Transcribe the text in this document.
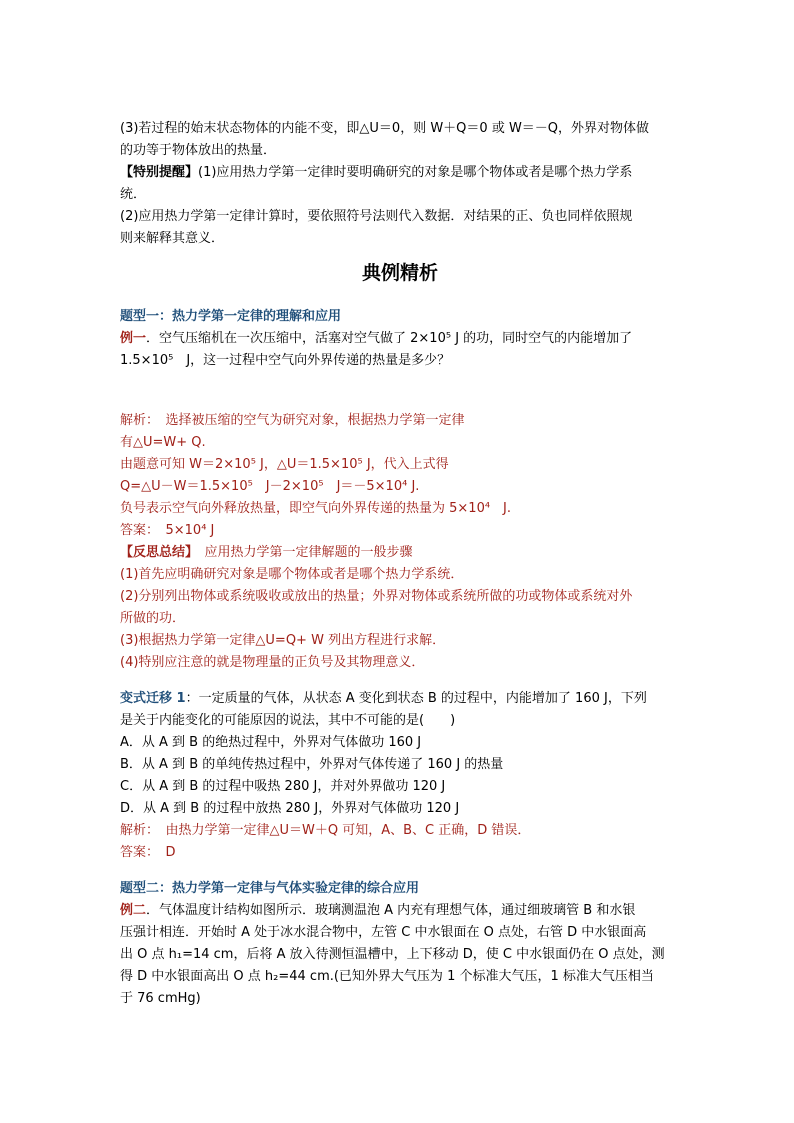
(3)若过程的始末状态物体的内能不变，即△U＝0，则 W＋Q＝0 或 W＝－Q，外界对物体做
的功等于物体放出的热量．
【特别提醒】(1)应用热力学第一定律时要明确研究的对象是哪个物体或者是哪个热力学系
统．
(2)应用热力学第一定律计算时，要依照符号法则代入数据．对结果的正、负也同样依照规
则来解释其意义．
典例精析
题型一：热力学第一定律的理解和应用
例一．空气压缩机在一次压缩中，活塞对空气做了 2×10⁵ J 的功，同时空气的内能增加了
1.5×10⁵　J，这一过程中空气向外界传递的热量是多少？
解析：　选择被压缩的空气为研究对象，根据热力学第一定律
有△U=W+ Q.
由题意可知 W＝2×10⁵ J，△U＝1.5×10⁵ J，代入上式得
Q=△U－W＝1.5×10⁵　J－2×10⁵　J＝－5×10⁴ J.
负号表示空气向外释放热量，即空气向外界传递的热量为 5×10⁴　J.
答案：　5×10⁴ J
【反思总结】　应用热力学第一定律解题的一般步骤
(1)首先应明确研究对象是哪个物体或者是哪个热力学系统．
(2)分别列出物体或系统吸收或放出的热量；外界对物体或系统所做的功或物体或系统对外
所做的功．
(3)根据热力学第一定律△U=Q+ W 列出方程进行求解．
(4)特别应注意的就是物理量的正负号及其物理意义．
变式迁移 1：一定质量的气体，从状态 A 变化到状态 B 的过程中，内能增加了 160 J，下列
是关于内能变化的可能原因的说法，其中不可能的是(　　)
A．从 A 到 B 的绝热过程中，外界对气体做功 160 J
B．从 A 到 B 的单纯传热过程中，外界对气体传递了 160 J 的热量
C．从 A 到 B 的过程中吸热 280 J，并对外界做功 120 J
D．从 A 到 B 的过程中放热 280 J，外界对气体做功 120 J
解析：　由热力学第一定律△U＝W＋Q 可知，A、B、C 正确，D 错误．
答案：　D
题型二：热力学第一定律与气体实验定律的综合应用
例二．气体温度计结构如图所示．玻璃测温泡 A 内充有理想气体，通过细玻璃管 B 和水银
压强计相连．开始时 A 处于冰水混合物中，左管 C 中水银面在 O 点处，右管 D 中水银面高
出 O 点 h₁=14 cm，后将 A 放入待测恒温槽中，上下移动 D，使 C 中水银面仍在 O 点处，测
得 D 中水银面高出 O 点 h₂=44 cm.(已知外界大气压为 1 个标准大气压，1 标准大气压相当
于 76 cmHg)
